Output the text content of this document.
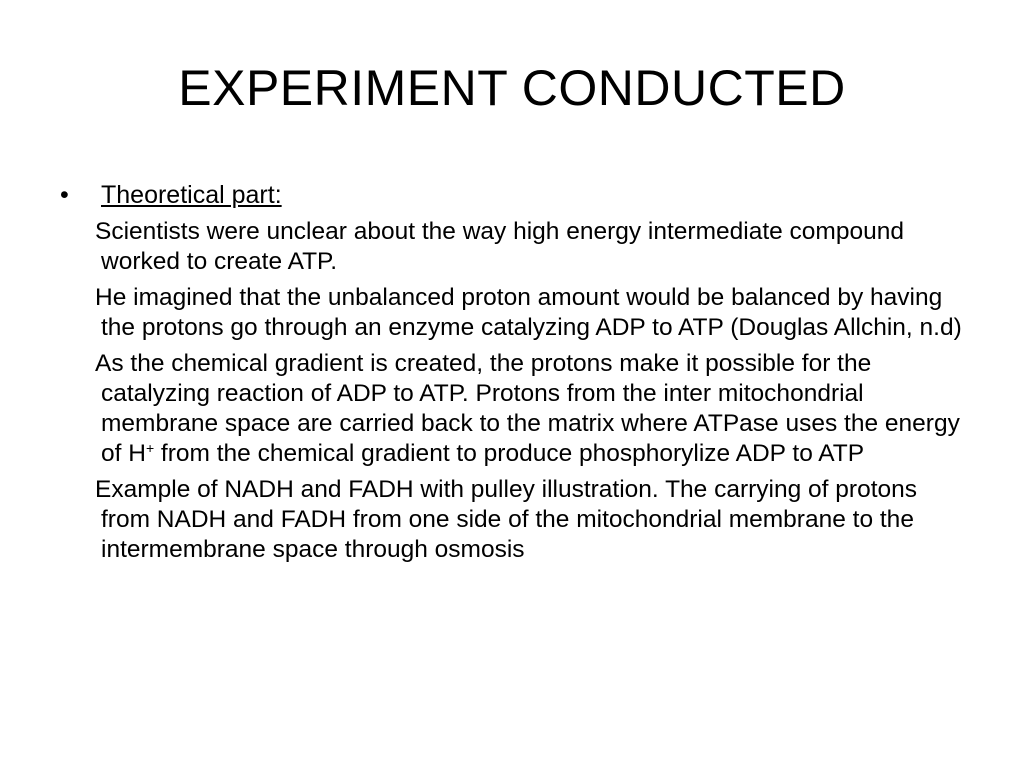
EXPERIMENT CONDUCTED
• Theoretical part:

Scientists were unclear about the way high energy intermediate compound worked to create ATP.

He imagined that the unbalanced proton amount would be balanced by having the protons go through an enzyme catalyzing ADP to ATP (Douglas Allchin, n.d)

As the chemical gradient is created, the protons make it possible for the catalyzing reaction of ADP to ATP. Protons from the inter mitochondrial membrane space are carried back to the matrix where ATPase uses the energy of H+ from the chemical gradient to produce phosphorylize ADP to ATP

Example of NADH and FADH with pulley illustration. The carrying of protons from NADH and FADH from one side of the mitochondrial membrane to the intermembrane space through osmosis
